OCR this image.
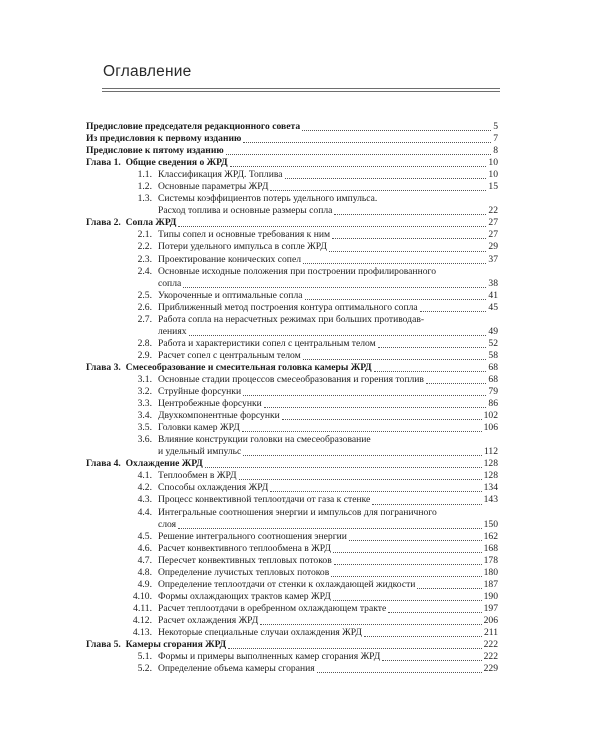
Оглавление
Предисловие председателя редакционного совета	5
Из предисловия к первому изданию	7
Предисловие к пятому изданию	8
Глава 1. Общие сведения о ЖРД	10
1.1. Классификация ЖРД. Топлива	10
1.2. Основные параметры ЖРД	15
1.3. Системы коэффициентов потерь удельного импульса.
Расход топлива и основные размеры сопла	22
Глава 2. Сопла ЖРД	27
2.1. Типы сопел и основные требования к ним	27
2.2. Потери удельного импульса в сопле ЖРД	29
2.3. Проектирование конических сопел	37
2.4. Основные исходные положения при построении профилированного
сопла	38
2.5. Укороченные и оптимальные сопла	41
2.6. Приближенный метод построения контура оптимального сопла	45
2.7. Работа сопла на нерасчетных режимах при больших противодав-
лениях	49
2.8. Работа и характеристики сопел с центральным телом	52
2.9. Расчет сопел с центральным телом	58
Глава 3. Смесеобразование и смесительная головка камеры ЖРД	68
3.1. Основные стадии процессов смесеобразования и горения топлив	68
3.2. Струйные форсунки	79
3.3. Центробежные форсунки	86
3.4. Двухкомпонентные форсунки	102
3.5. Головки камер ЖРД	106
3.6. Влияние конструкции головки на смесеобразование
и удельный импульс	112
Глава 4. Охлаждение ЖРД	128
4.1. Теплообмен в ЖРД	128
4.2. Способы охлаждения ЖРД	134
4.3. Процесс конвективной теплоотдачи от газа к стенке	143
4.4. Интегральные соотношения энергии и импульсов для пограничного
слоя	150
4.5. Решение интегрального соотношения энергии	162
4.6. Расчет конвективного теплообмена в ЖРД	168
4.7. Пересчет конвективных тепловых потоков	178
4.8. Определение лучистых тепловых потоков	180
4.9. Определение теплоотдачи от стенки к охлаждающей жидкости	187
4.10. Формы охлаждающих трактов камер ЖРД	190
4.11. Расчет теплоотдачи в оребренном охлаждающем тракте	197
4.12. Расчет охлаждения ЖРД	206
4.13. Некоторые специальные случаи охлаждения ЖРД	211
Глава 5. Камеры сгорания ЖРД	222
5.1. Формы и примеры выполненных камер сгорания ЖРД	222
5.2. Определение объема камеры сгорания	229
